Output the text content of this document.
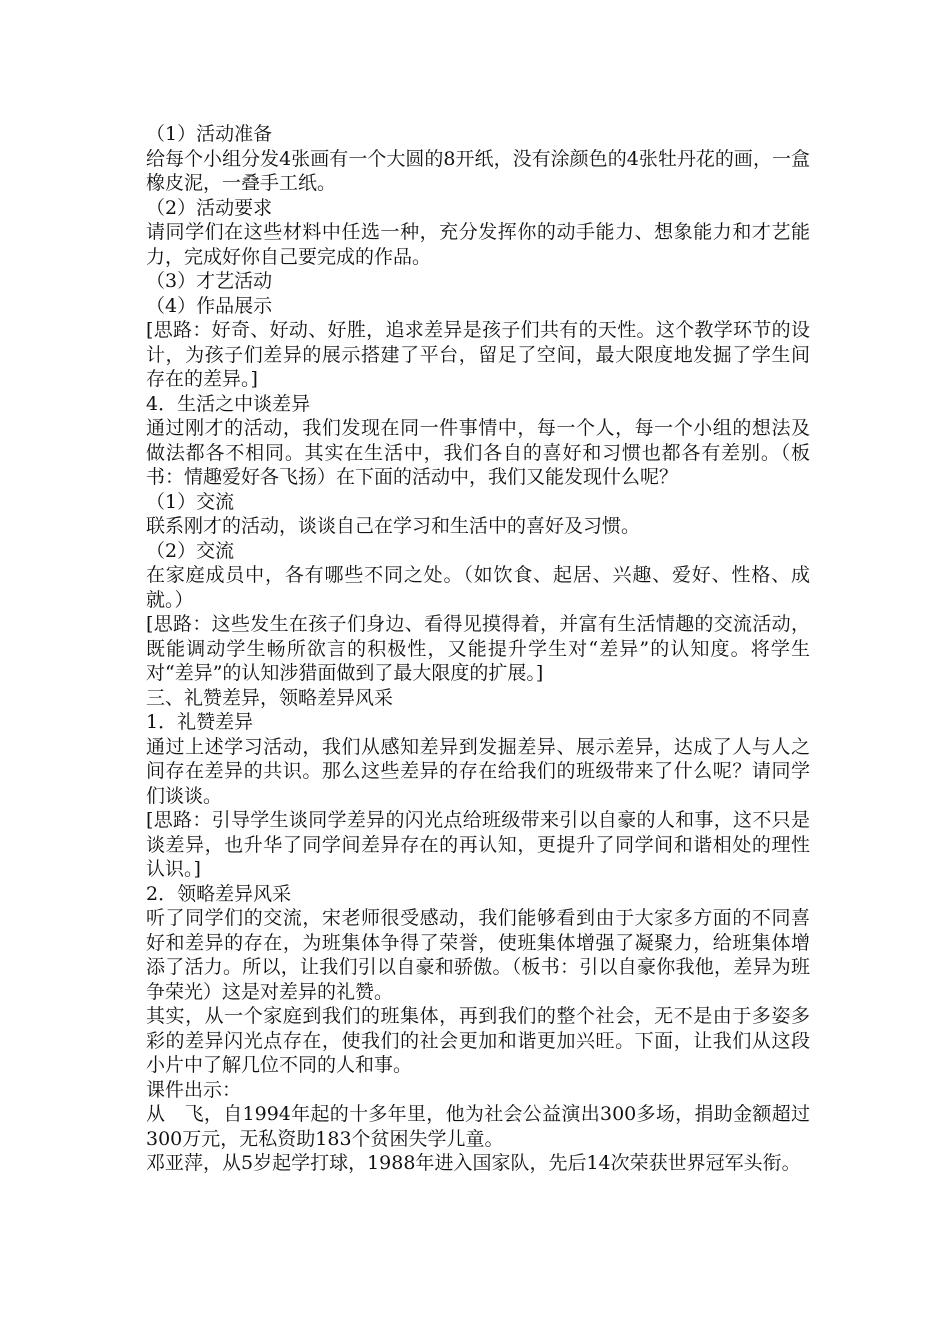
（1）活动准备

给每个小组分发4张画有一个大圆的8开纸，没有涂颜色的4张牡丹花的画，一盒橡皮泥，一叠手工纸。

（2）活动要求

请同学们在这些材料中任选一种，充分发挥你的动手能力、想象能力和才艺能力，完成好你自己要完成的作品。

（3）才艺活动

（4）作品展示

[思路：好奇、好动、好胜，追求差异是孩子们共有的天性。这个教学环节的设计，为孩子们差异的展示搭建了平台，留足了空间，最大限度地发掘了学生间存在的差异。]

4．生活之中谈差异

通过刚才的活动，我们发现在同一件事情中，每一个人，每一个小组的想法及做法都各不相同。其实在生活中，我们各自的喜好和习惯也都各有差别。（板书：情趣爱好各飞扬）在下面的活动中，我们又能发现什么呢？

（1）交流

联系刚才的活动，谈谈自己在学习和生活中的喜好及习惯。

（2）交流

在家庭成员中，各有哪些不同之处。（如饮食、起居、兴趣、爱好、性格、成就。）

[思路：这些发生在孩子们身边、看得见摸得着，并富有生活情趣的交流活动，既能调动学生畅所欲言的积极性，又能提升学生对“差异”的认知度。将学生对“差异”的认知涉猎面做到了最大限度的扩展。]

三、礼赞差异，领略差异风采

1．礼赞差异

通过上述学习活动，我们从感知差异到发掘差异、展示差异，达成了人与人之间存在差异的共识。那么这些差异的存在给我们的班级带来了什么呢？请同学们谈谈。

[思路：引导学生谈同学差异的闪光点给班级带来引以自豪的人和事，这不只是谈差异，也升华了同学间差异存在的再认知，更提升了同学间和谐相处的理性认识。]

2．领略差异风采

听了同学们的交流，宋老师很受感动，我们能够看到由于大家多方面的不同喜好和差异的存在，为班集体争得了荣誉，使班集体增强了凝聚力，给班集体增添了活力。所以，让我们引以自豪和骄傲。（板书：引以自豪你我他，差异为班争荣光）这是对差异的礼赞。

其实，从一个家庭到我们的班集体，再到我们的整个社会，无不是由于多姿多彩的差异闪光点存在，使我们的社会更加和谐更加兴旺。下面，让我们从这段小片中了解几位不同的人和事。

课件出示：

从　飞，自1994年起的十多年里，他为社会公益演出300多场，捐助金额超过300万元，无私资助183个贫困失学儿童。

邓亚萍，从5岁起学打球，1988年进入国家队，先后14次荣获世界冠军头衔。
